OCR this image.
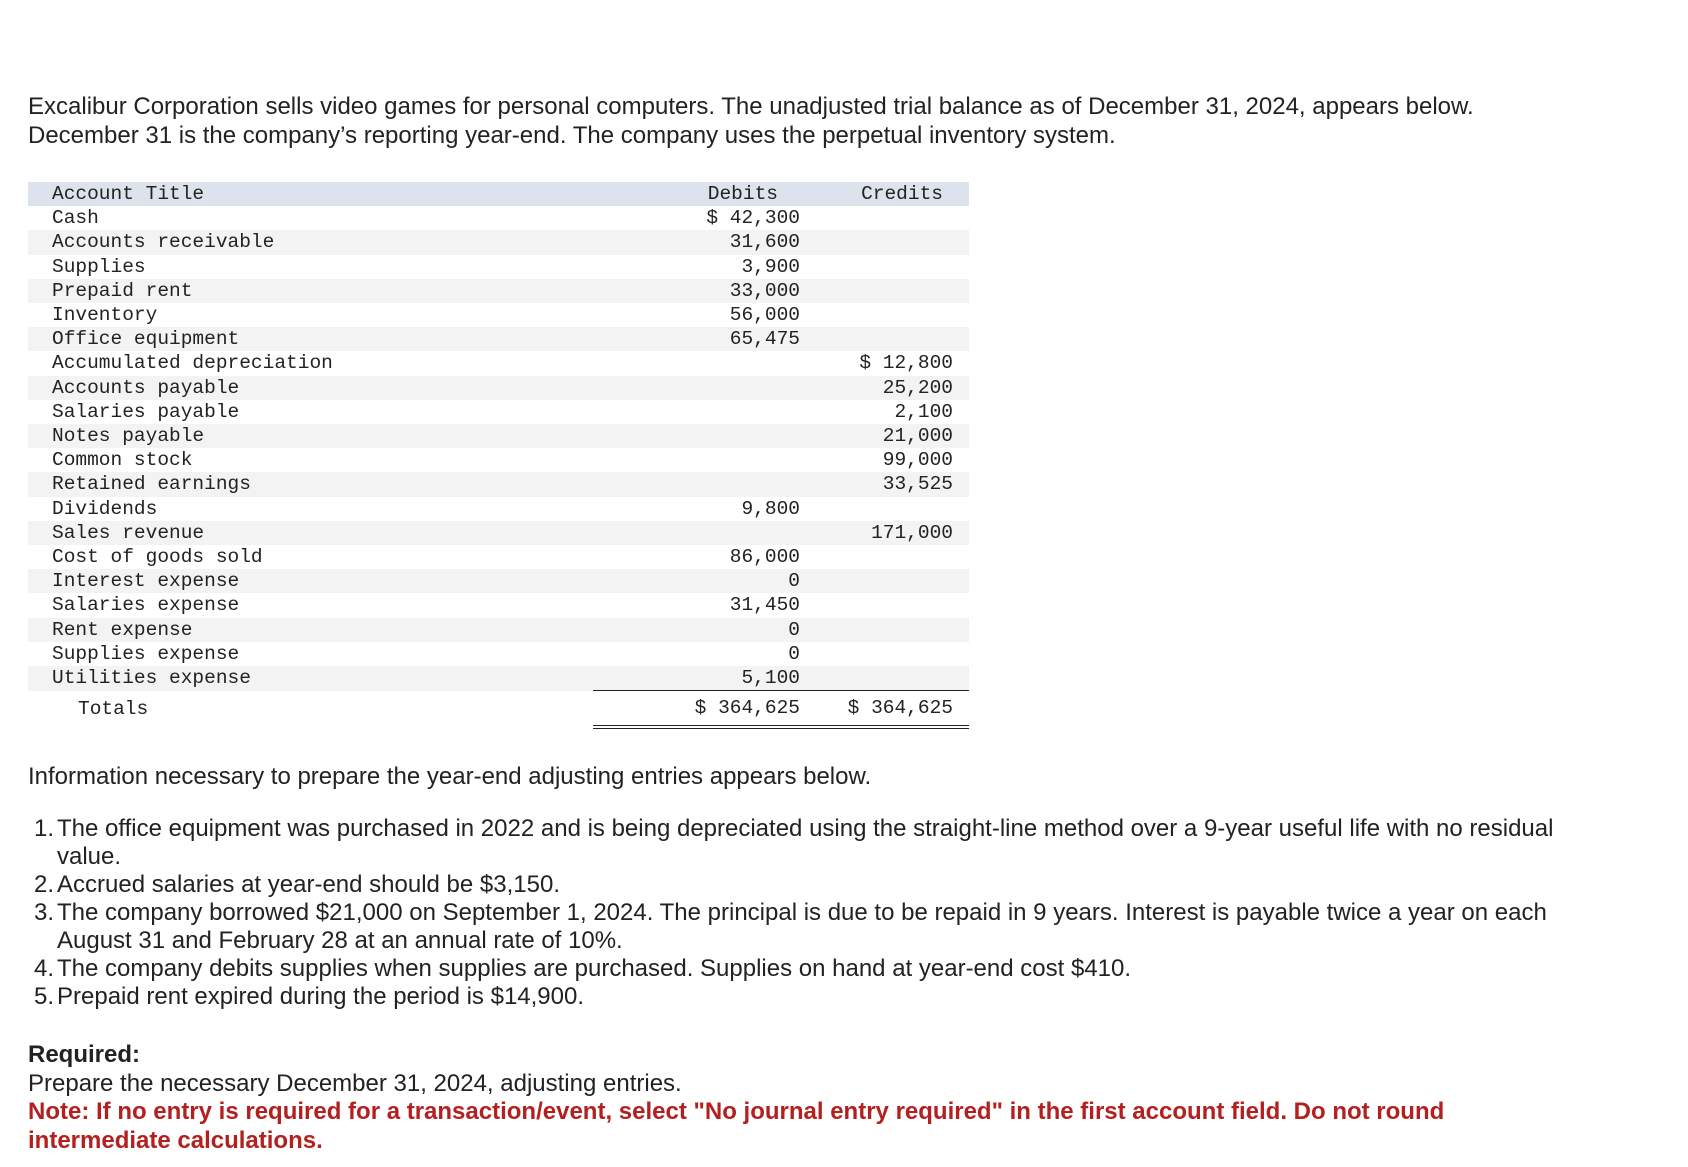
Excalibur Corporation sells video games for personal computers. The unadjusted trial balance as of December 31, 2024, appears below. December 31 is the company’s reporting year-end. The company uses the perpetual inventory system.

Account Title	Debits		Credits
Cash	$ 42,300		
Accounts receivable	31,600		
Supplies	3,900		
Prepaid rent	33,000		
Inventory	56,000		
Office equipment	65,475		
Accumulated depreciation			$ 12,800
Accounts payable			25,200
Salaries payable			2,100
Notes payable			21,000
Common stock			99,000
Retained earnings			33,525
Dividends	9,800		
Sales revenue			171,000
Cost of goods sold	86,000		
Interest expense	0		
Salaries expense	31,450		
Rent expense	0		
Supplies expense	0		
Utilities expense	5,100		
Totals	$ 364,625		$ 364,625

Information necessary to prepare the year-end adjusting entries appears below.

1. The office equipment was purchased in 2022 and is being depreciated using the straight-line method over a 9-year useful life with no residual value.
2. Accrued salaries at year-end should be $3,150.
3. The company borrowed $21,000 on September 1, 2024. The principal is due to be repaid in 9 years. Interest is payable twice a year on each August 31 and February 28 at an annual rate of 10%.
4. The company debits supplies when supplies are purchased. Supplies on hand at year-end cost $410.
5. Prepaid rent expired during the period is $14,900.

Required:

Prepare the necessary December 31, 2024, adjusting entries.

Note: If no entry is required for a transaction/event, select "No journal entry required" in the first account field. Do not round intermediate calculations.
